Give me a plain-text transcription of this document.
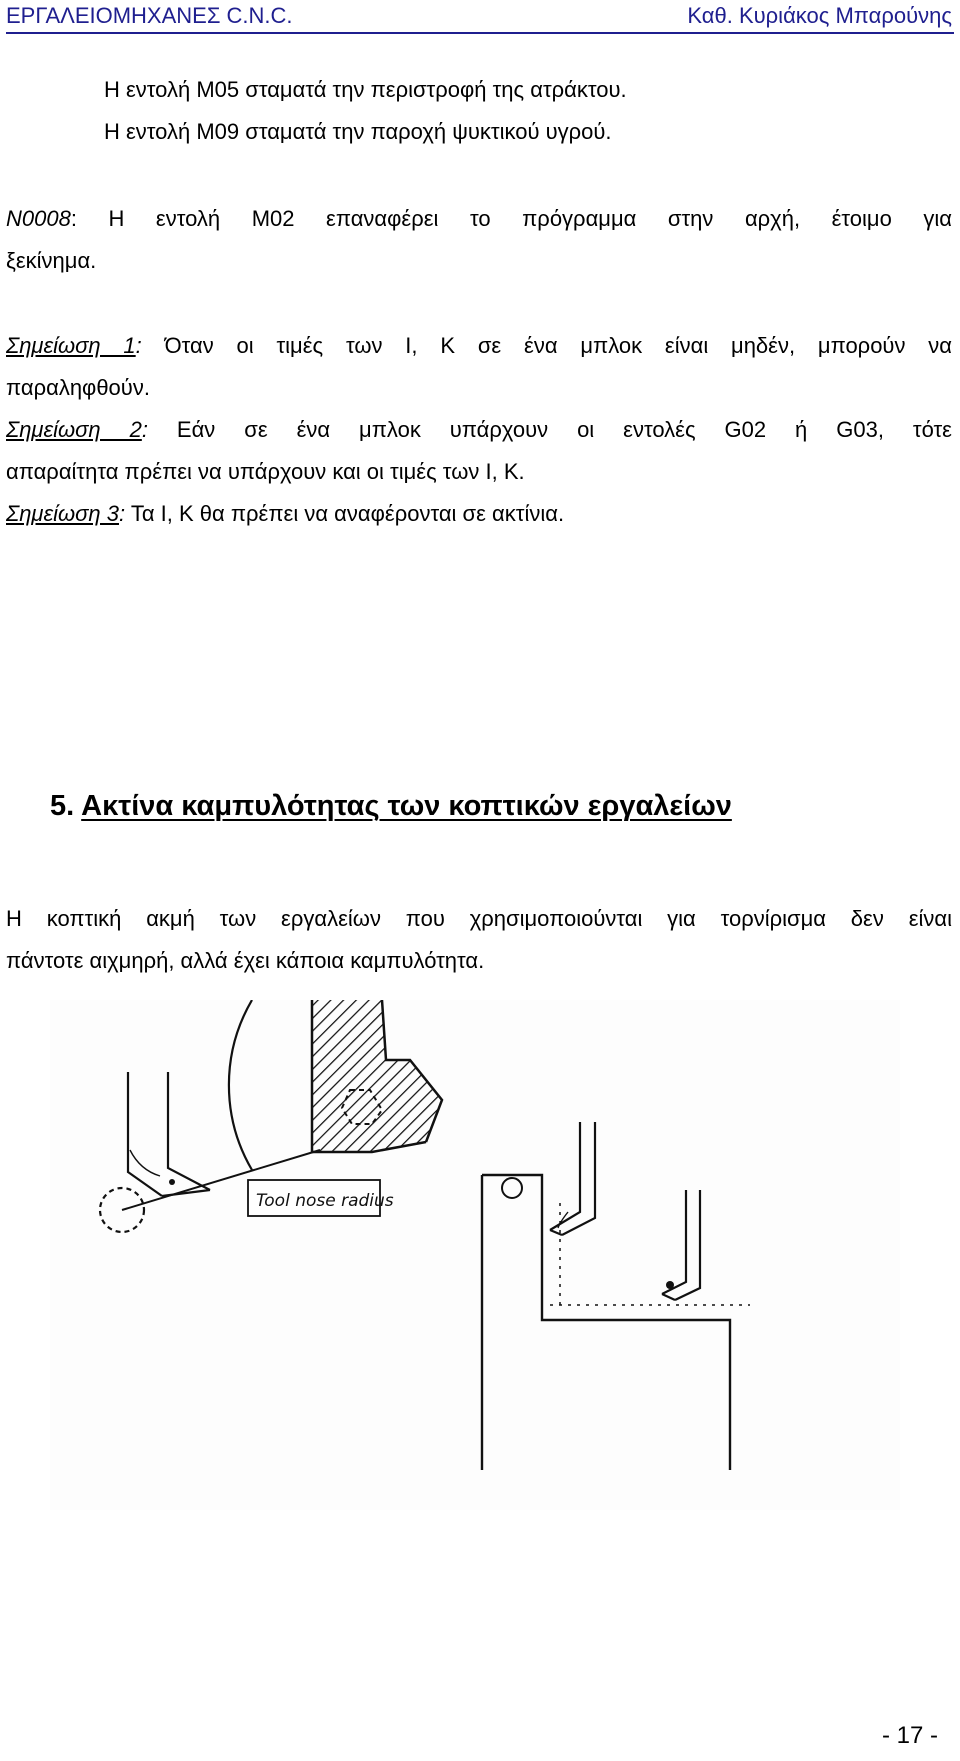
ΕΡΓΑΛΕΙΟΜΗΧΑΝΕΣ C.N.C.	Καθ. Κυριάκος Μπαρούνης
Η εντολή M05 σταματά την περιστροφή της ατράκτου.
Η εντολή M09 σταματά την παροχή ψυκτικού υγρού.
Ν0008: Η εντολή M02 επαναφέρει το πρόγραμμα στην αρχή, έτοιμο για
ξεκίνημα.
Σημείωση 1: Όταν οι τιμές των I, K σε ένα μπλοκ είναι μηδέν, μπορούν να
παραληφθούν.
Σημείωση 2: Εάν σε ένα μπλοκ υπάρχουν οι εντολές G02 ή G03, τότε
απαραίτητα πρέπει να υπάρχουν και οι τιμές των I, K.
Σημείωση 3: Τα I, K θα πρέπει να αναφέρονται σε ακτίνια.
5. Ακτίνα καμπυλότητας των κοπτικών εργαλείων
Η κοπτική ακμή των εργαλείων που χρησιμοποιούνται για τορνίρισμα δεν είναι
πάντοτε αιχμηρή, αλλά έχει κάποια καμπυλότητα.
Tool nose radius
- 17 -
